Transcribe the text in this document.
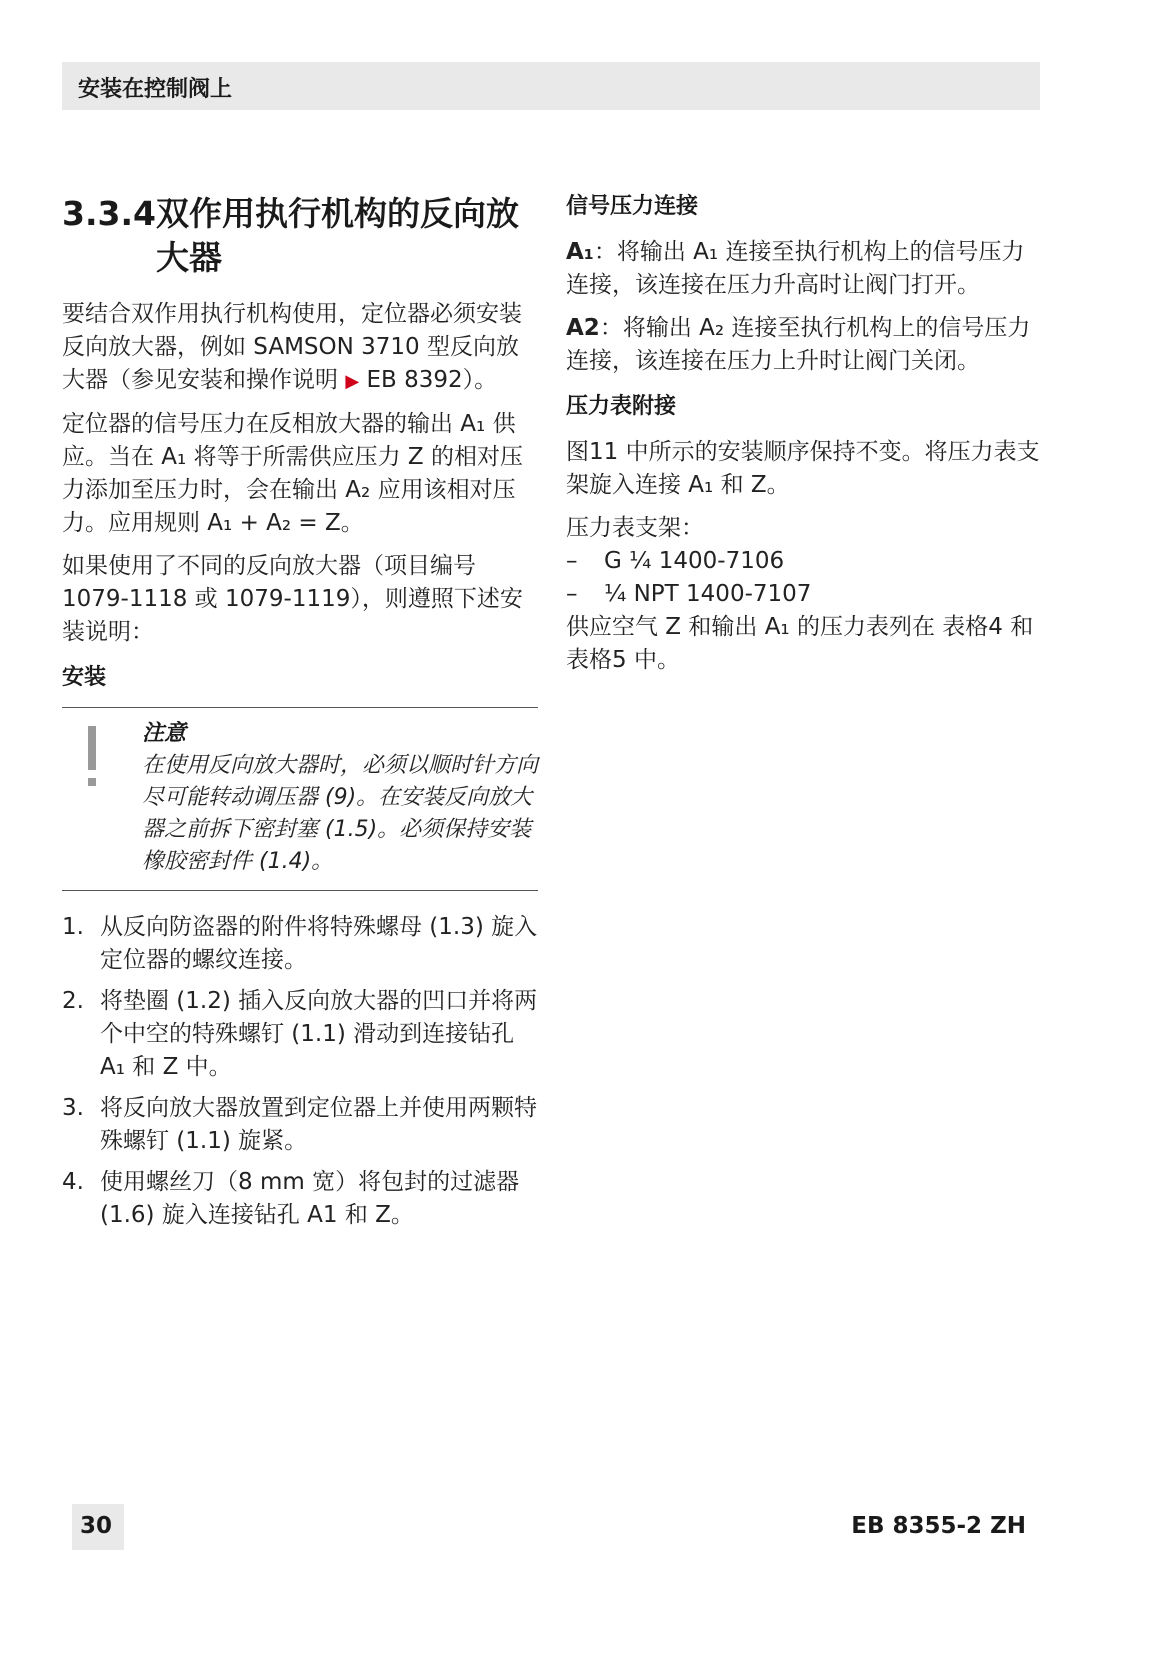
安装在控制阀上
3.3.4 双作用执行机构的反向放大器

要结合双作用执行机构使用，定位器必须安装反向放大器，例如 SAMSON 3710 型反向放大器（参见安装和操作说明 ▶ EB 8392）。

定位器的信号压力在反相放大器的输出 A₁ 供应。当在 A₁ 将等于所需供应压力 Z 的相对压力添加至压力时，会在输出 A₂ 应用该相对压力。应用规则 A₁ + A₂ = Z。

如果使用了不同的反向放大器（项目编号 1079-1118 或 1079-1119），则遵照下述安装说明：

安装
注意
在使用反向放大器时，必须以顺时针方向尽可能转动调压器 (9)。在安装反向放大器之前拆下密封塞 (1.5)。必须保持安装橡胶密封件 (1.4)。
1. 从反向防盗器的附件将特殊螺母 (1.3) 旋入定位器的螺纹连接。
2. 将垫圈 (1.2) 插入反向放大器的凹口并将两个中空的特殊螺钉 (1.1) 滑动到连接钻孔 A₁ 和 Z 中。
3. 将反向放大器放置到定位器上并使用两颗特殊螺钉 (1.1) 旋紧。
4. 使用螺丝刀（8 mm 宽）将包封的过滤器 (1.6) 旋入连接钻孔 A1 和 Z。
信号压力连接

A₁：将输出 A₁ 连接至执行机构上的信号压力连接，该连接在压力升高时让阀门打开。

A2：将输出 A₂ 连接至执行机构上的信号压力连接，该连接在压力上升时让阀门关闭。

压力表附接

图11 中所示的安装顺序保持不变。将压力表支架旋入连接 A₁ 和 Z。

压力表支架：
–	G ¼ 1400-7106
–	¼ NPT 1400-7107

供应空气 Z 和输出 A₁ 的压力表列在 表格4 和表格5 中。

30	EB 8355-2 ZH
